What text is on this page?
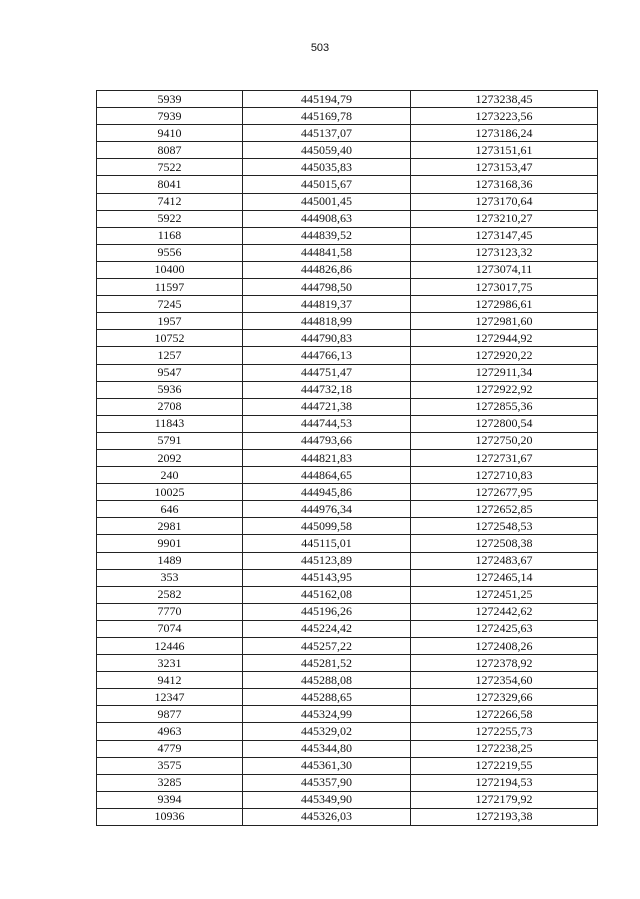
503
5939	445194,79	1273238,45
7939	445169,78	1273223,56
9410	445137,07	1273186,24
8087	445059,40	1273151,61
7522	445035,83	1273153,47
8041	445015,67	1273168,36
7412	445001,45	1273170,64
5922	444908,63	1273210,27
1168	444839,52	1273147,45
9556	444841,58	1273123,32
10400	444826,86	1273074,11
11597	444798,50	1273017,75
7245	444819,37	1272986,61
1957	444818,99	1272981,60
10752	444790,83	1272944,92
1257	444766,13	1272920,22
9547	444751,47	1272911,34
5936	444732,18	1272922,92
2708	444721,38	1272855,36
11843	444744,53	1272800,54
5791	444793,66	1272750,20
2092	444821,83	1272731,67
240	444864,65	1272710,83
10025	444945,86	1272677,95
646	444976,34	1272652,85
2981	445099,58	1272548,53
9901	445115,01	1272508,38
1489	445123,89	1272483,67
353	445143,95	1272465,14
2582	445162,08	1272451,25
7770	445196,26	1272442,62
7074	445224,42	1272425,63
12446	445257,22	1272408,26
3231	445281,52	1272378,92
9412	445288,08	1272354,60
12347	445288,65	1272329,66
9877	445324,99	1272266,58
4963	445329,02	1272255,73
4779	445344,80	1272238,25
3575	445361,30	1272219,55
3285	445357,90	1272194,53
9394	445349,90	1272179,92
10936	445326,03	1272193,38
